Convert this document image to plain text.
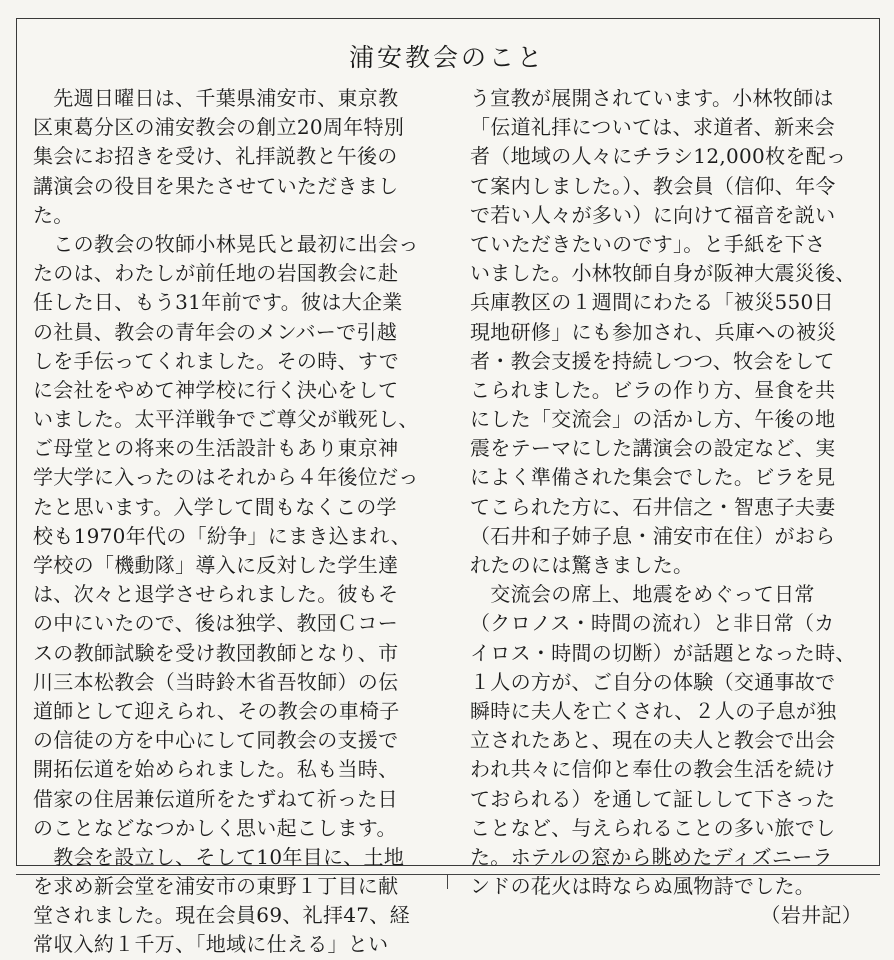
浦安教会のこと
　先週日曜日は、千葉県浦安市、東京教
区東葛分区の浦安教会の創立20周年特別
集会にお招きを受け、礼拝説教と午後の
講演会の役目を果たさせていただきまし
た。
　この教会の牧師小林晃氏と最初に出会っ
たのは、わたしが前任地の岩国教会に赴
任した日、もう31年前です。彼は大企業
の社員、教会の青年会のメンバーで引越
しを手伝ってくれました。その時、すで
に会社をやめて神学校に行く決心をして
いました。太平洋戦争でご尊父が戦死し、
ご母堂との将来の生活設計もあり東京神
学大学に入ったのはそれから４年後位だっ
たと思います。入学して間もなくこの学
校も1970年代の「紛争」にまき込まれ、
学校の「機動隊」導入に反対した学生達
は、次々と退学させられました。彼もそ
の中にいたので、後は独学、教団Ｃコー
スの教師試験を受け教団教師となり、市
川三本松教会（当時鈴木省吾牧師）の伝
道師として迎えられ、その教会の車椅子
の信徒の方を中心にして同教会の支援で
開拓伝道を始められました。私も当時、
借家の住居兼伝道所をたずねて祈った日
のことなどなつかしく思い起こします。
　教会を設立し、そして10年目に、土地
を求め新会堂を浦安市の東野１丁目に献
堂されました。現在会員69、礼拝47、経
常収入約１千万、「地域に仕える」とい
う宣教が展開されています。小林牧師は
「伝道礼拝については、求道者、新来会
者（地域の人々にチラシ12,000枚を配っ
て案内しました。）、教会員（信仰、年令
で若い人々が多い）に向けて福音を説い
ていただきたいのです」。と手紙を下さ
いました。小林牧師自身が阪神大震災後、
兵庫教区の１週間にわたる「被災550日
現地研修」にも参加され、兵庫への被災
者・教会支援を持続しつつ、牧会をして
こられました。ビラの作り方、昼食を共
にした「交流会」の活かし方、午後の地
震をテーマにした講演会の設定など、実
によく準備された集会でした。ビラを見
てこられた方に、石井信之・智恵子夫妻
（石井和子姉子息・浦安市在住）がおら
れたのには驚きました。
　交流会の席上、地震をめぐって日常
（クロノス・時間の流れ）と非日常（カ
イロス・時間の切断）が話題となった時、
１人の方が、ご自分の体験（交通事故で
瞬時に夫人を亡くされ、２人の子息が独
立されたあと、現在の夫人と教会で出会
われ共々に信仰と奉仕の教会生活を続け
ておられる）を通して証しして下さった
ことなど、与えられることの多い旅でし
た。ホテルの窓から眺めたディズニーラ
ンドの花火は時ならぬ風物詩でした。
（岩井記）
